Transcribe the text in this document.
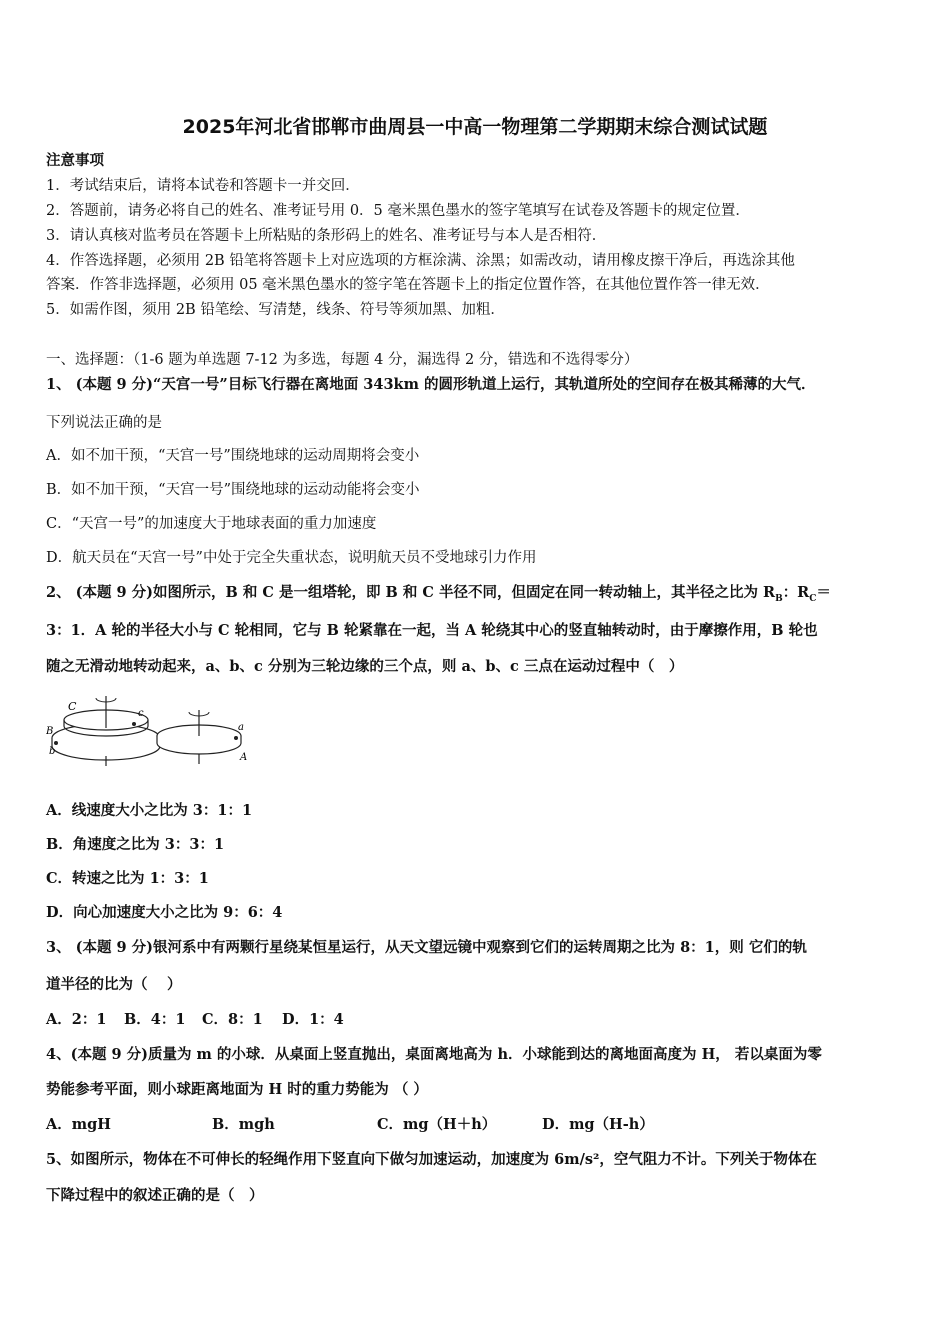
2025年河北省邯郸市曲周县一中高一物理第二学期期末综合测试试题
注意事项
1．考试结束后，请将本试卷和答题卡一并交回．
2．答题前，请务必将自己的姓名、准考证号用 0．5 毫米黑色墨水的签字笔填写在试卷及答题卡的规定位置．
3．请认真核对监考员在答题卡上所粘贴的条形码上的姓名、准考证号与本人是否相符．
4．作答选择题，必须用 2B 铅笔将答题卡上对应选项的方框涂满、涂黑；如需改动，请用橡皮擦干净后，再选涂其他
答案．作答非选择题，必须用 05 毫米黑色墨水的签字笔在答题卡上的指定位置作答，在其他位置作答一律无效．
5．如需作图，须用 2B 铅笔绘、写清楚，线条、符号等须加黑、加粗．
一、选择题：（1-6 题为单选题 7-12 为多选，每题 4 分，漏选得 2 分，错选和不选得零分）
1、 (本题 9 分)“天宫一号”目标飞行器在离地面 343km 的圆形轨道上运行，其轨道所处的空间存在极其稀薄的大气．
下列说法正确的是
A．如不加干预，“天宫一号”围绕地球的运动周期将会变小
B．如不加干预，“天宫一号”围绕地球的运动动能将会变小
C．“天宫一号”的加速度大于地球表面的重力加速度
D．航天员在“天宫一号”中处于完全失重状态，说明航天员不受地球引力作用
2、 (本题 9 分)如图所示，B 和 C 是一组塔轮，即 B 和 C 半径不同，但固定在同一转动轴上，其半径之比为 $R_B$：$R_C=$
3：1．A 轮的半径大小与 C 轮相同，它与 B 轮紧靠在一起，当 A 轮绕其中心的竖直轴转动时，由于摩擦作用，B 轮也
随之无滑动地转动起来，a、b、c 分别为三轮边缘的三个点，则 a、b、c 三点在运动过程中（　）
C
c
B
b
a
A
A．线速度大小之比为 3：1：1
B．角速度之比为 3：3：1
C．转速之比为 1：3：1
D．向心加速度大小之比为 9：6：4
3、 (本题 9 分)银河系中有两颗行星绕某恒星运行，从天文望远镜中观察到它们的运转周期之比为 8：1，则 它们的轨
道半径的比为（　 ）
A．2：1 B．4：1 C．8：1 D．1：4
4、(本题 9 分)质量为 m 的小球．从桌面上竖直抛出，桌面离地高为 h．小球能到达的离地面高度为 H， 若以桌面为零
势能参考平面，则小球距离地面为 H 时的重力势能为 （ ）
A．mgH	B．mgh	C．mg（H＋h）	D．mg（H-h）
5、如图所示，物体在不可伸长的轻绳作用下竖直向下做匀加速运动，加速度为 6m/s²，空气阻力不计。下列关于物体在
下降过程中的叙述正确的是（　）
